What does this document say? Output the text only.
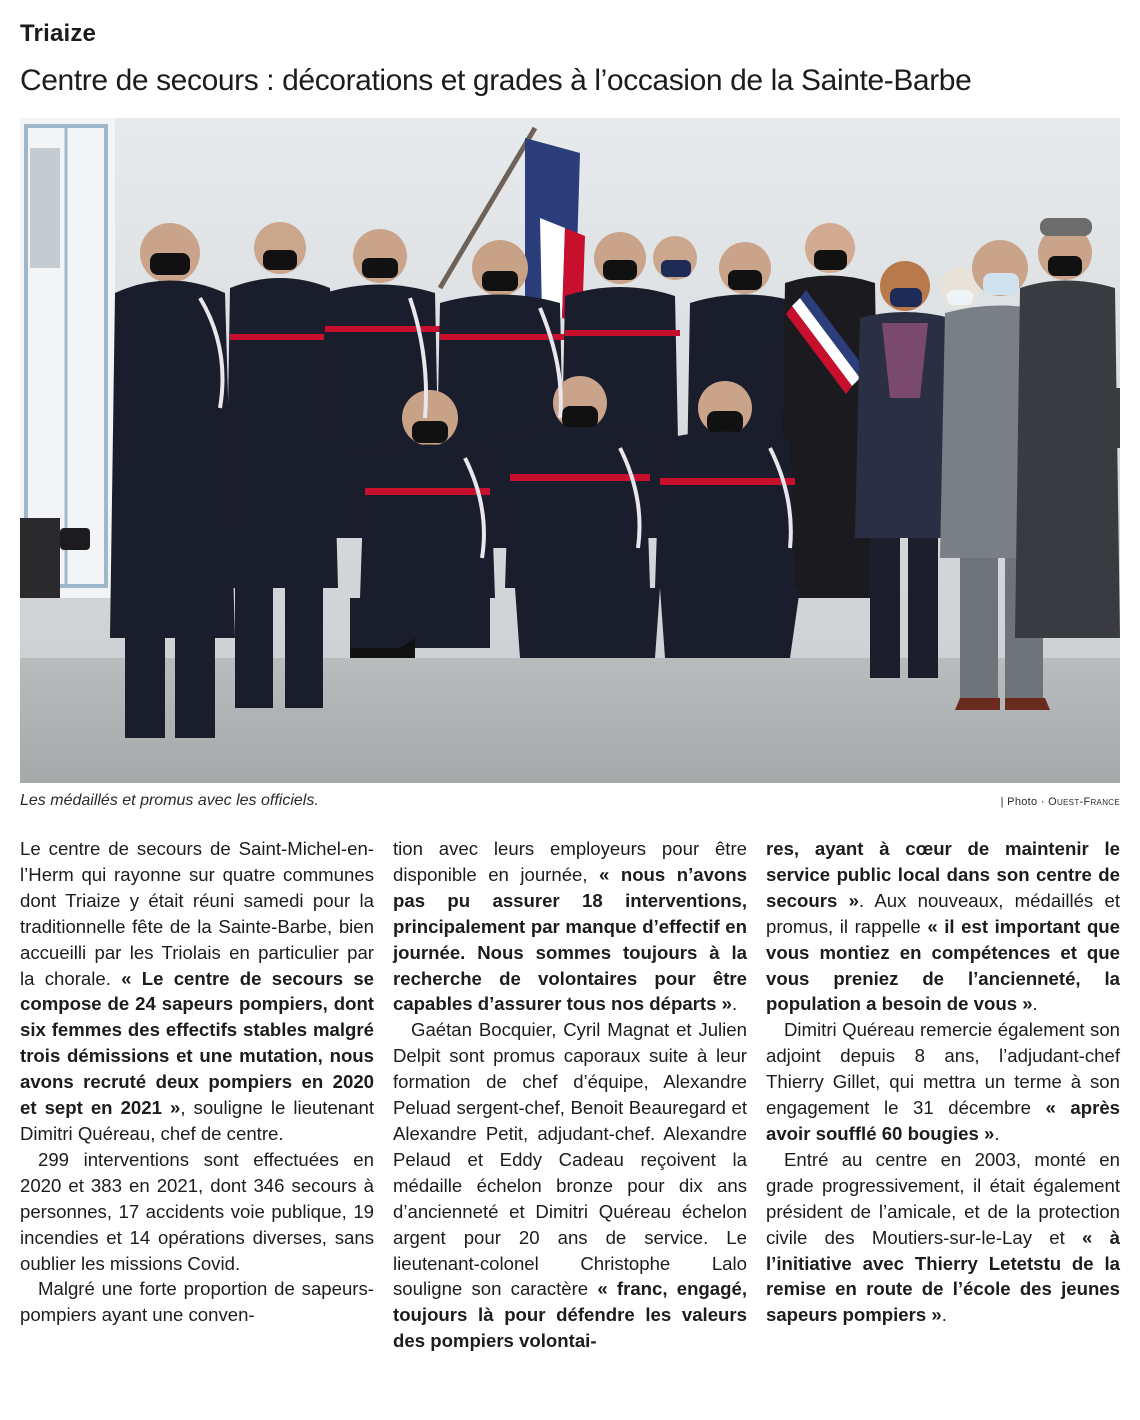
Triaize
Centre de secours : décorations et grades à l’occasion de la Sainte-Barbe
Les médaillés et promus avec les officiels.	| Photo · Ouest-France

Le centre de secours de Saint-Michel-en-l’Herm qui rayonne sur quatre communes dont Triaize y était réuni samedi pour la traditionnelle fête de la Sainte-Barbe, bien accueilli par les Triolais en particulier par la chorale. « Le centre de secours se compose de 24 sapeurs pompiers, dont six femmes des effectifs stables malgré trois démissions et une mutation, nous avons recruté deux pompiers en 2020 et sept en 2021 », souligne le lieutenant Dimitri Quéreau, chef de centre.

299 interventions sont effectuées en 2020 et 383 en 2021, dont 346 secours à personnes, 17 accidents voie publique, 19 incendies et 14 opérations diverses, sans oublier les missions Covid.

Malgré une forte proportion de sapeurs-pompiers ayant une conven-

tion avec leurs employeurs pour être disponible en journée, « nous n’avons pas pu assurer 18 interventions, principalement par manque d’effectif en journée. Nous sommes toujours à la recherche de volontaires pour être capables d’assurer tous nos départs ».

Gaétan Bocquier, Cyril Magnat et Julien Delpit sont promus caporaux suite à leur formation de chef d’équipe, Alexandre Peluad sergent-chef, Benoit Beauregard et Alexandre Petit, adjudant-chef. Alexandre Pelaud et Eddy Cadeau reçoivent la médaille échelon bronze pour dix ans d’ancienneté et Dimitri Quéreau échelon argent pour 20 ans de service. Le lieutenant-colonel Christophe Lalo souligne son caractère « franc, engagé, toujours là pour défendre les valeurs des pompiers volontai-

res, ayant à cœur de maintenir le service public local dans son centre de secours ». Aux nouveaux, médaillés et promus, il rappelle « il est important que vous montiez en compétences et que vous preniez de l’ancienneté, la population a besoin de vous ».

Dimitri Quéreau remercie également son adjoint depuis 8 ans, l’adjudant-chef Thierry Gillet, qui mettra un terme à son engagement le 31 décembre « après avoir soufflé 60 bougies ».

Entré au centre en 2003, monté en grade progressivement, il était également président de l’amicale, et de la protection civile des Moutiers-sur-le-Lay et « à l’initiative avec Thierry Letetstu de la remise en route de l’école des jeunes sapeurs pompiers ».
